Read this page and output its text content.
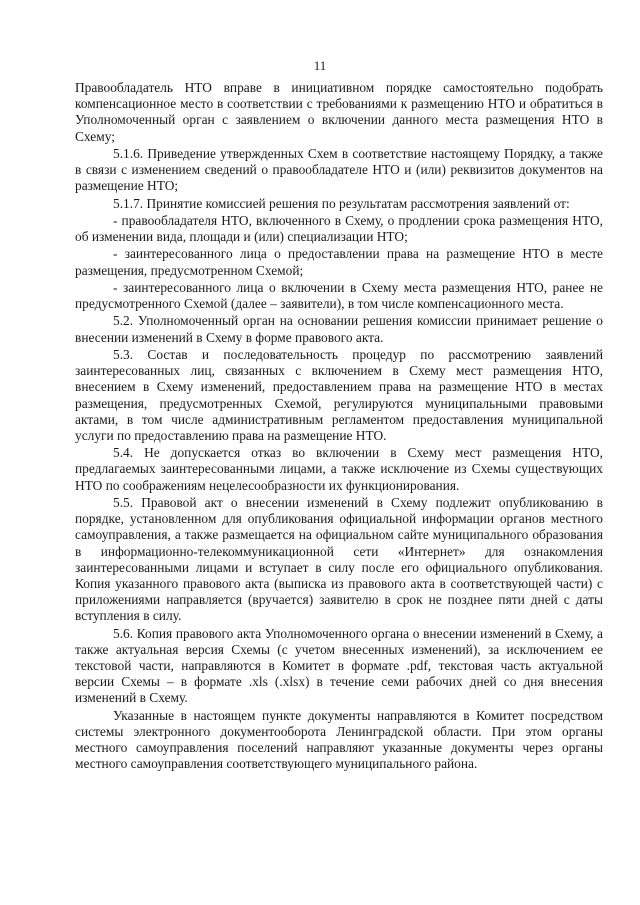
11

Правообладатель НТО вправе в инициативном порядке самостоятельно подобрать компенсационное место в соответствии с требованиями к размещению НТО и обратиться в Уполномоченный орган с заявлением о включении данного места размещения НТО в Схему;

5.1.6. Приведение утвержденных Схем в соответствие настоящему Порядку, а также в связи с изменением сведений о правообладателе НТО и (или) реквизитов документов на размещение НТО;

5.1.7. Принятие комиссией решения по результатам рассмотрения заявлений от:

- правообладателя НТО, включенного в Схему, о продлении срока размещения НТО, об изменении вида, площади и (или) специализации НТО;

- заинтересованного лица о предоставлении права на размещение НТО в месте размещения, предусмотренном Схемой;

- заинтересованного лица о включении в Схему места размещения НТО, ранее не предусмотренного Схемой (далее – заявители), в том числе компенсационного места.

5.2. Уполномоченный орган на основании решения комиссии принимает решение о внесении изменений в Схему в форме правового акта.

5.3. Состав и последовательность процедур по рассмотрению заявлений заинтересованных лиц, связанных с включением в Схему мест размещения НТО, внесением в Схему изменений, предоставлением права на размещение НТО в местах размещения, предусмотренных Схемой, регулируются муниципальными правовыми актами, в том числе административным регламентом предоставления муниципальной услуги по предоставлению права на размещение НТО.

5.4. Не допускается отказ во включении в Схему мест размещения НТО, предлагаемых заинтересованными лицами, а также исключение из Схемы существующих НТО по соображениям нецелесообразности их функционирования.

5.5. Правовой акт о внесении изменений в Схему подлежит опубликованию в порядке, установленном для опубликования официальной информации органов местного самоуправления, а также размещается на официальном сайте муниципального образования в информационно-телекоммуникационной сети «Интернет» для ознакомления заинтересованными лицами и вступает в силу после его официального опубликования. Копия указанного правового акта (выписка из правового акта в соответствующей части) с приложениями направляется (вручается) заявителю в срок не позднее пяти дней с даты вступления в силу.

5.6. Копия правового акта Уполномоченного органа о внесении изменений в Схему, а также актуальная версия Схемы (с учетом внесенных изменений), за исключением ее текстовой части, направляются в Комитет в формате .pdf, текстовая часть актуальной версии Схемы – в формате .xls (.xlsx) в течение семи рабочих дней со дня внесения изменений в Схему.

Указанные в настоящем пункте документы направляются в Комитет посредством системы электронного документооборота Ленинградской области. При этом органы местного самоуправления поселений направляют указанные документы через органы местного самоуправления соответствующего муниципального района.
